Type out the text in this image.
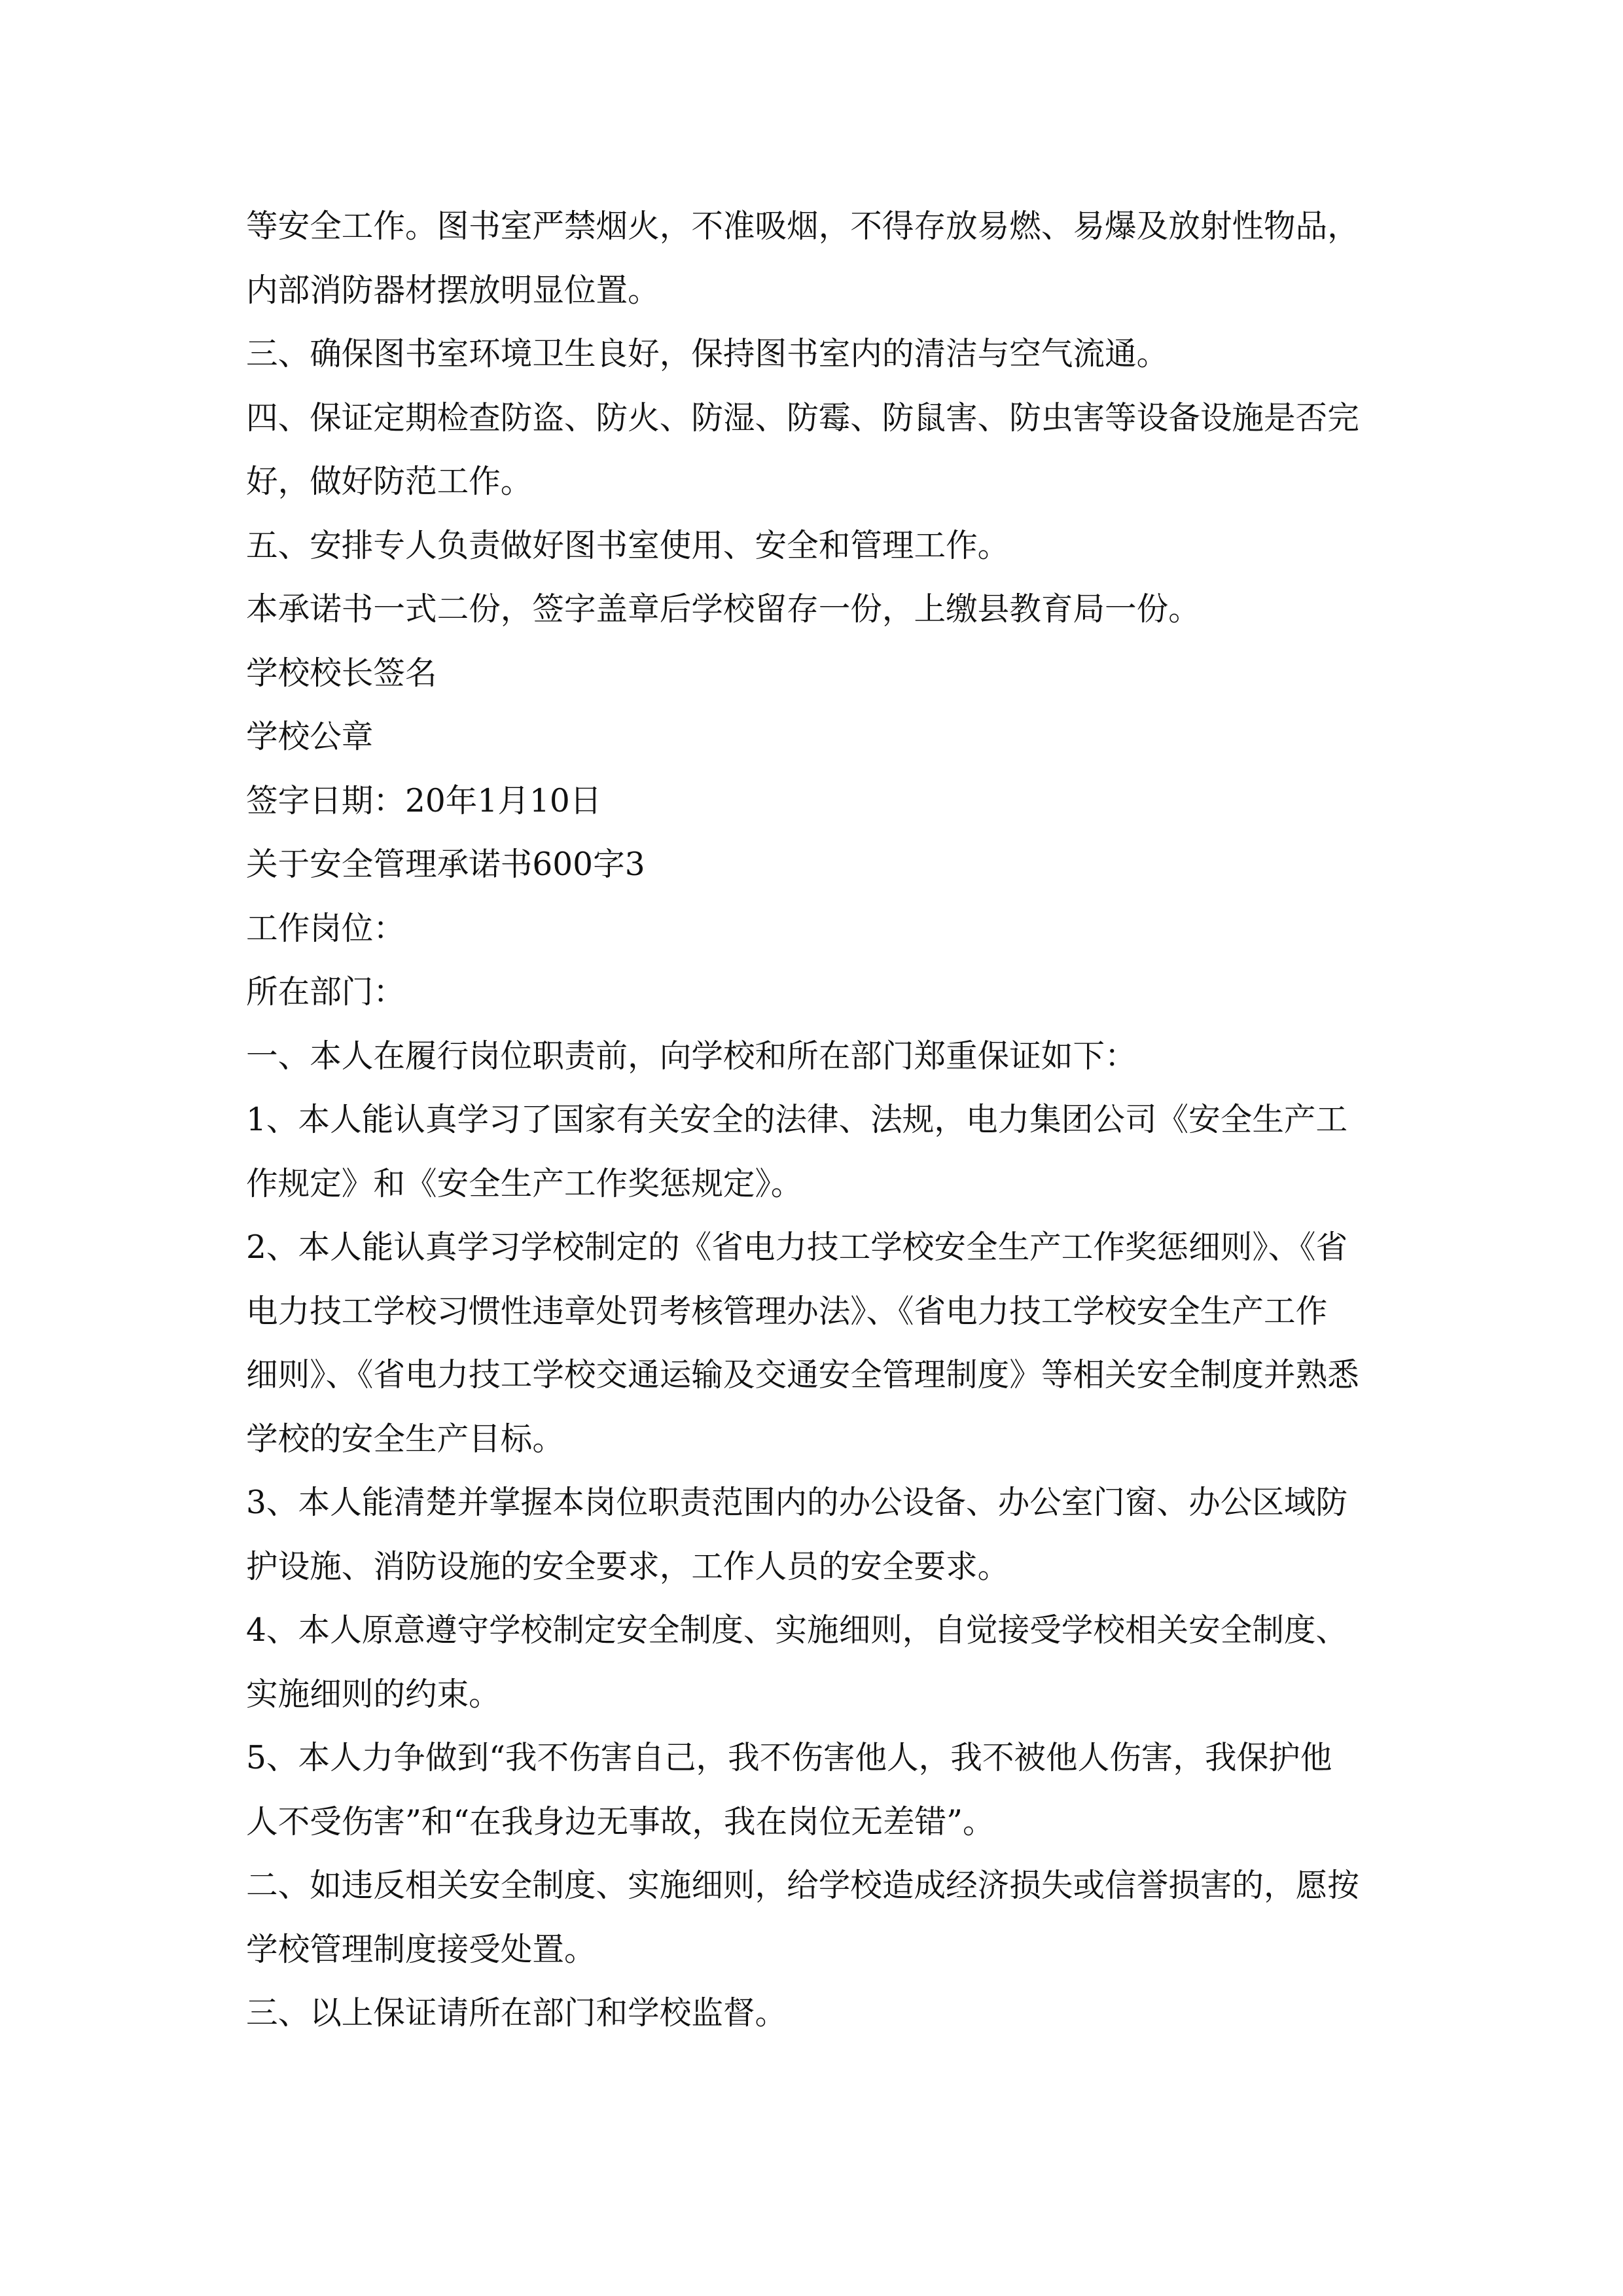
等安全工作。图书室严禁烟火，不准吸烟，不得存放易燃、易爆及放射性物品，
内部消防器材摆放明显位置。
三、确保图书室环境卫生良好，保持图书室内的清洁与空气流通。
四、保证定期检查防盗、防火、防湿、防霉、防鼠害、防虫害等设备设施是否完
好，做好防范工作。
五、安排专人负责做好图书室使用、安全和管理工作。
本承诺书一式二份，签字盖章后学校留存一份，上缴县教育局一份。
学校校长签名
学校公章
签字日期：20年1月10日
关于安全管理承诺书600字3
工作岗位：
所在部门：
一、本人在履行岗位职责前，向学校和所在部门郑重保证如下：
1、本人能认真学习了国家有关安全的法律、法规，电力集团公司《安全生产工
作规定》和《安全生产工作奖惩规定》。
2、本人能认真学习学校制定的《省电力技工学校安全生产工作奖惩细则》、《省
电力技工学校习惯性违章处罚考核管理办法》、《省电力技工学校安全生产工作
细则》、《省电力技工学校交通运输及交通安全管理制度》等相关安全制度并熟悉
学校的安全生产目标。
3、本人能清楚并掌握本岗位职责范围内的办公设备、办公室门窗、办公区域防
护设施、消防设施的安全要求，工作人员的安全要求。
4、本人原意遵守学校制定安全制度、实施细则，自觉接受学校相关安全制度、
实施细则的约束。
5、本人力争做到“我不伤害自己，我不伤害他人，我不被他人伤害，我保护他
人不受伤害”和“在我身边无事故，我在岗位无差错”。
二、如违反相关安全制度、实施细则，给学校造成经济损失或信誉损害的，愿按
学校管理制度接受处置。
三、以上保证请所在部门和学校监督。
